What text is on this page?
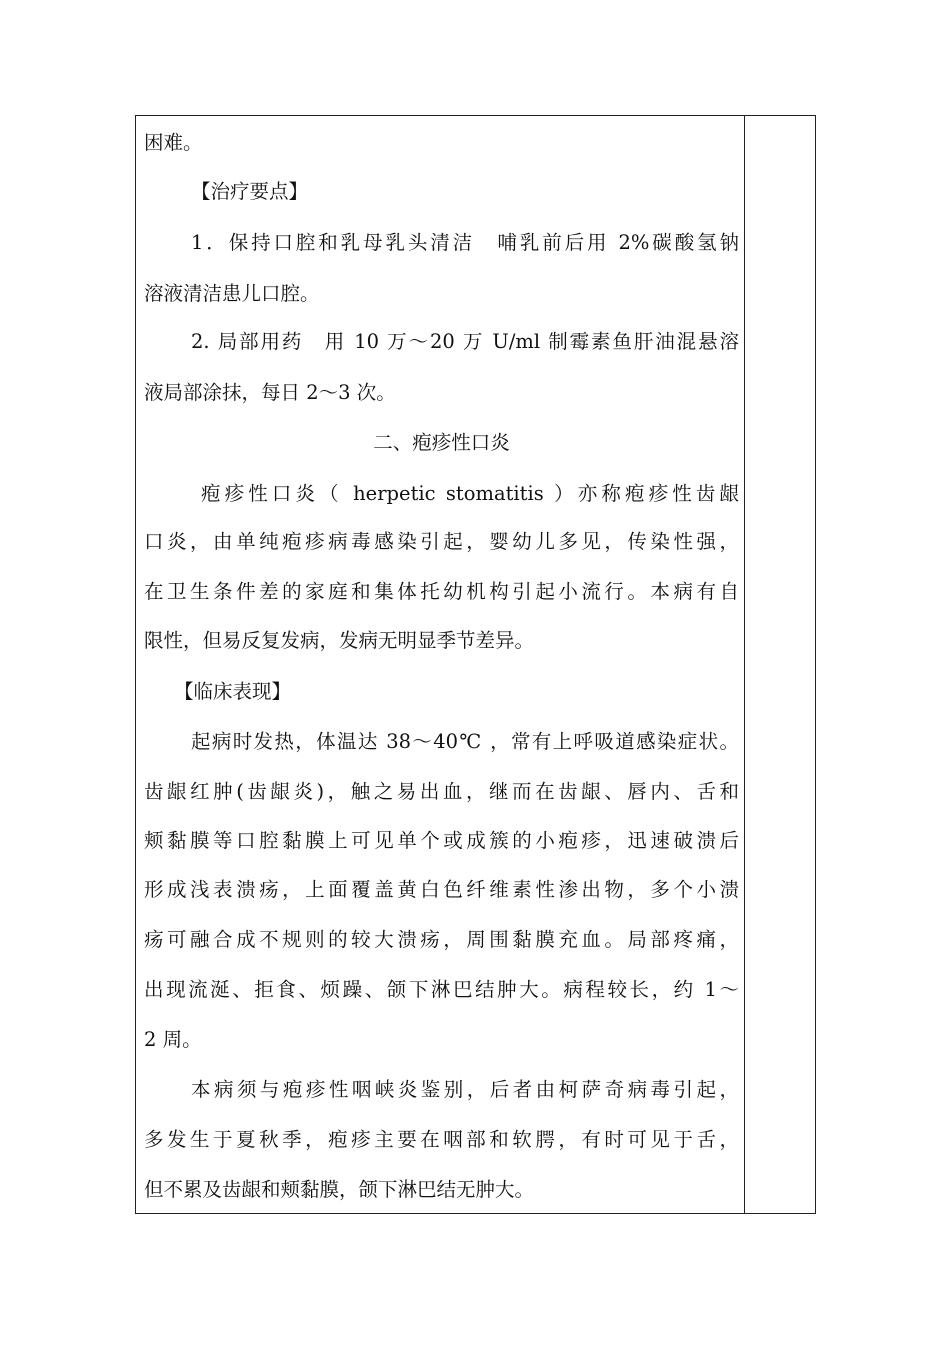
困难。
【治疗要点】
1．保持口腔和乳母乳头清洁　哺乳前后用 2%碳酸氢钠
溶液清洁患儿口腔。
2. 局部用药　用 10 万～20 万 U/ml 制霉素鱼肝油混悬溶
液局部涂抹，每日 2～3 次。
二、疱疹性口炎
疱疹性口炎（ herpetic stomatitis ）亦称疱疹性齿龈
口炎，由单纯疱疹病毒感染引起，婴幼儿多见，传染性强，
在卫生条件差的家庭和集体托幼机构引起小流行。本病有自
限性，但易反复发病，发病无明显季节差异。
【临床表现】
起病时发热，体温达 38～40℃ ，常有上呼吸道感染症状。
齿龈红肿(齿龈炎)，触之易出血，继而在齿龈、唇内、舌和
颊黏膜等口腔黏膜上可见单个或成簇的小疱疹，迅速破溃后
形成浅表溃疡，上面覆盖黄白色纤维素性渗出物，多个小溃
疡可融合成不规则的较大溃疡，周围黏膜充血。局部疼痛，
出现流涎、拒食、烦躁、颌下淋巴结肿大。病程较长，约 1～
2 周。
本病须与疱疹性咽峡炎鉴别，后者由柯萨奇病毒引起，
多发生于夏秋季，疱疹主要在咽部和软腭，有时可见于舌，
但不累及齿龈和颊黏膜，颌下淋巴结无肿大。
